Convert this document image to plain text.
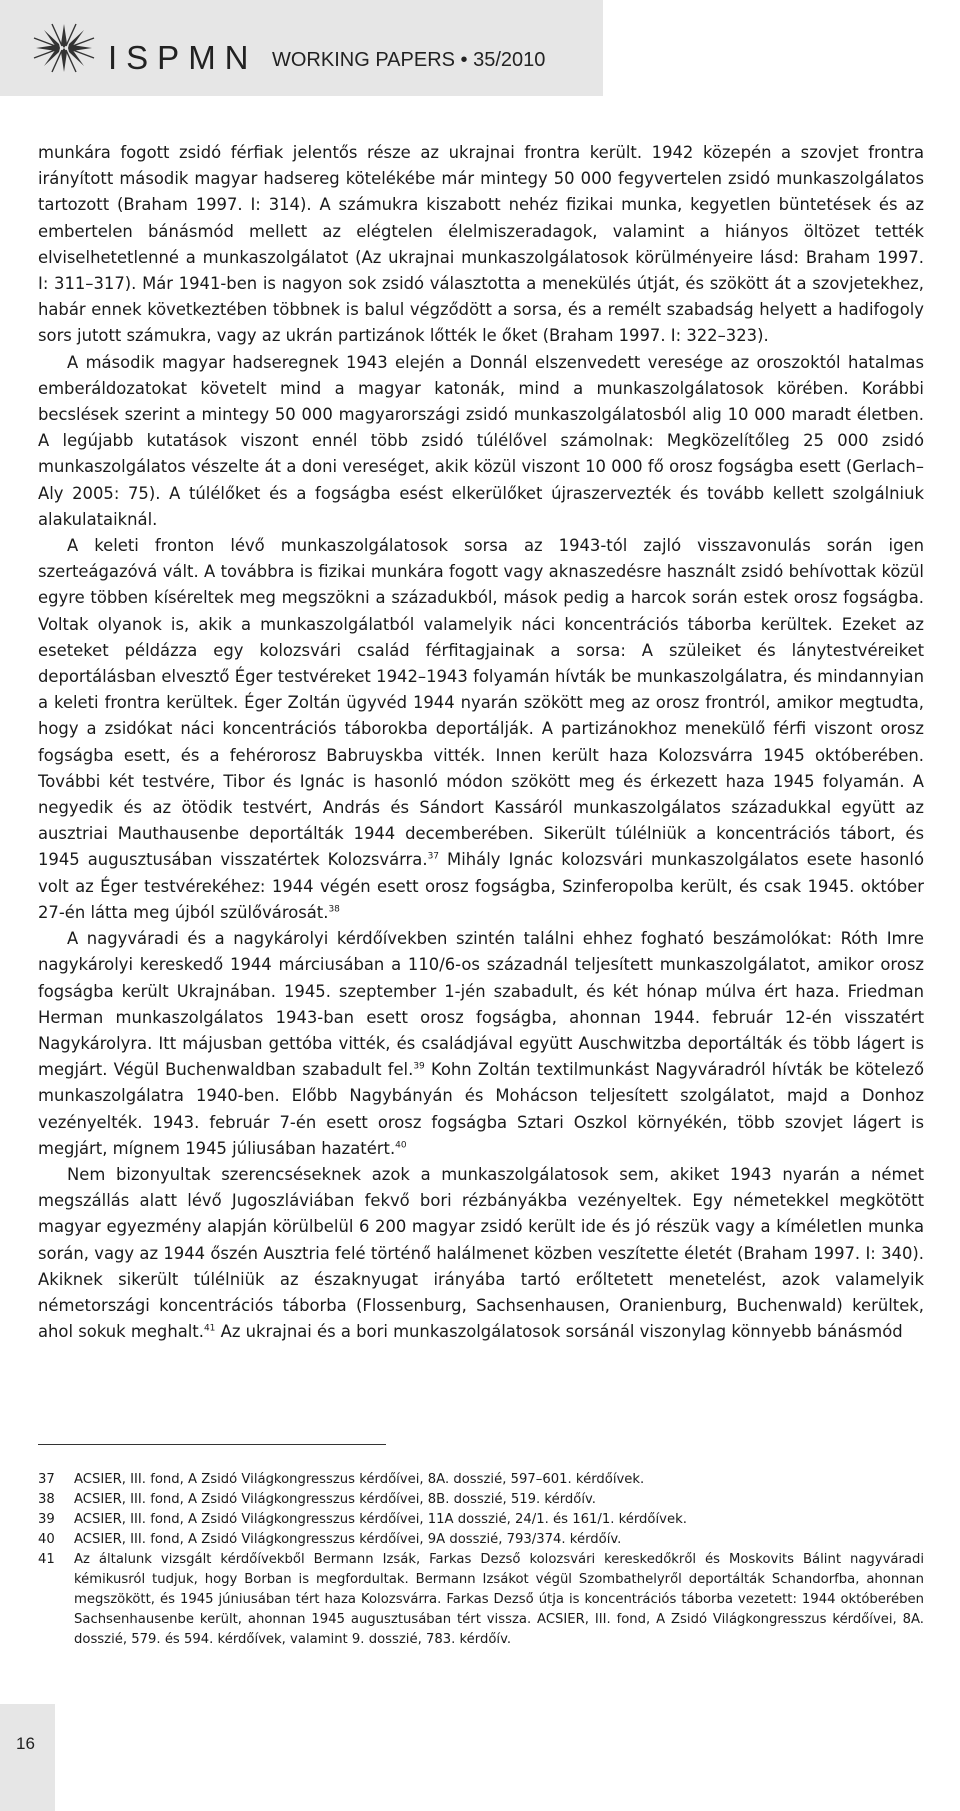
ISPMN WORKING PAPERS • 35/2010

munkára fogott zsidó férfiak jelentős része az ukrajnai frontra került. 1942 közepén a szovjet frontra irányított második magyar hadsereg kötelékébe már mintegy 50 000 fegyvertelen zsidó munkaszolgálatos tartozott (Braham 1997. I: 314). A számukra kiszabott nehéz fizikai munka, kegyetlen büntetések és az embertelen bánásmód mellett az elégtelen élelmiszeradagok, valamint a hiányos öltözet tették elviselhetetlenné a munkaszolgálatot (Az ukrajnai munkaszolgálatosok körülményeire lásd: Braham 1997. I: 311–317). Már 1941-ben is nagyon sok zsidó választotta a menekülés útját, és szökött át a szovjetekhez, habár ennek következtében többnek is balul végződött a sorsa, és a remélt szabadság helyett a hadifogoly sors jutott számukra, vagy az ukrán partizánok lőtték le őket (Braham 1997. I: 322–323).

A második magyar hadseregnek 1943 elején a Donnál elszenvedett veresége az oroszoktól hatalmas emberáldozatokat követelt mind a magyar katonák, mind a munkaszolgálatosok körében. Korábbi becslések szerint a mintegy 50 000 magyarországi zsidó munkaszolgálatosból alig 10 000 maradt életben. A legújabb kutatások viszont ennél több zsidó túlélővel számolnak: Megközelítőleg 25 000 zsidó munkaszolgálatos vészelte át a doni vereséget, akik közül viszont 10 000 fő orosz fogságba esett (Gerlach–Aly 2005: 75). A túlélőket és a fogságba esést elkerülőket újraszervezték és tovább kellett szolgálniuk alakulataiknál.

A keleti fronton lévő munkaszolgálatosok sorsa az 1943-tól zajló visszavonulás során igen szerteágazóvá vált. A továbbra is fizikai munkára fogott vagy aknaszedésre használt zsidó behívottak közül egyre többen kíséreltek meg megszökni a századukból, mások pedig a harcok során estek orosz fogságba. Voltak olyanok is, akik a munkaszolgálatból valamelyik náci koncentrációs táborba kerültek. Ezeket az eseteket példázza egy kolozsvári család férfitagjainak a sorsa: A szüleiket és lánytestvéreiket deportálásban elvesztő Éger testvéreket 1942–1943 folyamán hívták be munkaszolgálatra, és mindannyian a keleti frontra kerültek. Éger Zoltán ügyvéd 1944 nyarán szökött meg az orosz frontról, amikor megtudta, hogy a zsidókat náci koncentrációs táborokba deportálják. A partizánokhoz menekülő férfi viszont orosz fogságba esett, és a fehérorosz Babruyskba vitték. Innen került haza Kolozsvárra 1945 októberében. További két testvére, Tibor és Ignác is hasonló módon szökött meg és érkezett haza 1945 folyamán. A negyedik és az ötödik testvért, András és Sándort Kassáról munkaszolgálatos századukkal együtt az ausztriai Mauthausenbe deportálták 1944 decemberében. Sikerült túlélniük a koncentrációs tábort, és 1945 augusztusában visszatértek Kolozsvárra.$^{37}$ Mihály Ignác kolozsvári munkaszolgálatos esete hasonló volt az Éger testvérekéhez: 1944 végén esett orosz fogságba, Szinferopolba került, és csak 1945. október 27-én látta meg újból szülővárosát.$^{38}$

A nagyváradi és a nagykárolyi kérdőívekben szintén találni ehhez fogható beszámolókat: Róth Imre nagykárolyi kereskedő 1944 márciusában a 110/6-os századnál teljesített munkaszolgálatot, amikor orosz fogságba került Ukrajnában. 1945. szeptember 1-jén szabadult, és két hónap múlva ért haza. Friedman Herman munkaszolgálatos 1943-ban esett orosz fogságba, ahonnan 1944. február 12-én visszatért Nagykárolyra. Itt májusban gettóba vitték, és családjával együtt Auschwitzba deportálták és több lágert is megjárt. Végül Buchenwaldban szabadult fel.$^{39}$ Kohn Zoltán textilmunkást Nagyváradról hívták be kötelező munkaszolgálatra 1940-ben. Előbb Nagybányán és Mohácson teljesített szolgálatot, majd a Donhoz vezényelték. 1943. február 7-én esett orosz fogságba Sztari Oszkol környékén, több szovjet lágert is megjárt, mígnem 1945 júliusában hazatért.$^{40}$

Nem bizonyultak szerencséseknek azok a munkaszolgálatosok sem, akiket 1943 nyarán a német megszállás alatt lévő Jugoszláviában fekvő bori rézbányákba vezényeltek. Egy németekkel megkötött magyar egyezmény alapján körülbelül 6 200 magyar zsidó került ide és jó részük vagy a kíméletlen munka során, vagy az 1944 őszén Ausztria felé történő halálmenet közben veszítette életét (Braham 1997. I: 340). Akiknek sikerült túlélniük az északnyugat irányába tartó erőltetett menetelést, azok valamelyik németországi koncentrációs táborba (Flossenburg, Sachsenhausen, Oranienburg, Buchenwald) kerültek, ahol sokuk meghalt.$^{41}$ Az ukrajnai és a bori munkaszolgálatosok sorsánál viszonylag könnyebb bánásmód

37	ACSIER, III. fond, A Zsidó Világkongresszus kérdőívei, 8A. dosszié, 597–601. kérdőívek.
38	ACSIER, III. fond, A Zsidó Világkongresszus kérdőívei, 8B. dosszié, 519. kérdőív.
39	ACSIER, III. fond, A Zsidó Világkongresszus kérdőívei, 11A dosszié, 24/1. és 161/1. kérdőívek.
40	ACSIER, III. fond, A Zsidó Világkongresszus kérdőívei, 9A dosszié, 793/374. kérdőív.
41	Az általunk vizsgált kérdőívekből Bermann Izsák, Farkas Dezső kolozsvári kereskedőkről és Moskovits Bálint nagyváradi kémikusról tudjuk, hogy Borban is megfordultak. Bermann Izsákot végül Szombathelyről deportálták Schandorfba, ahonnan megszökött, és 1945 júniusában tért haza Kolozsvárra. Farkas Dezső útja is koncentrációs táborba vezetett: 1944 októberében Sachsenhausenbe került, ahonnan 1945 augusztusában tért vissza. ACSIER, III. fond, A Zsidó Világkongresszus kérdőívei, 8A. dosszié, 579. és 594. kérdőívek, valamint 9. dosszié, 783. kérdőív.
16
